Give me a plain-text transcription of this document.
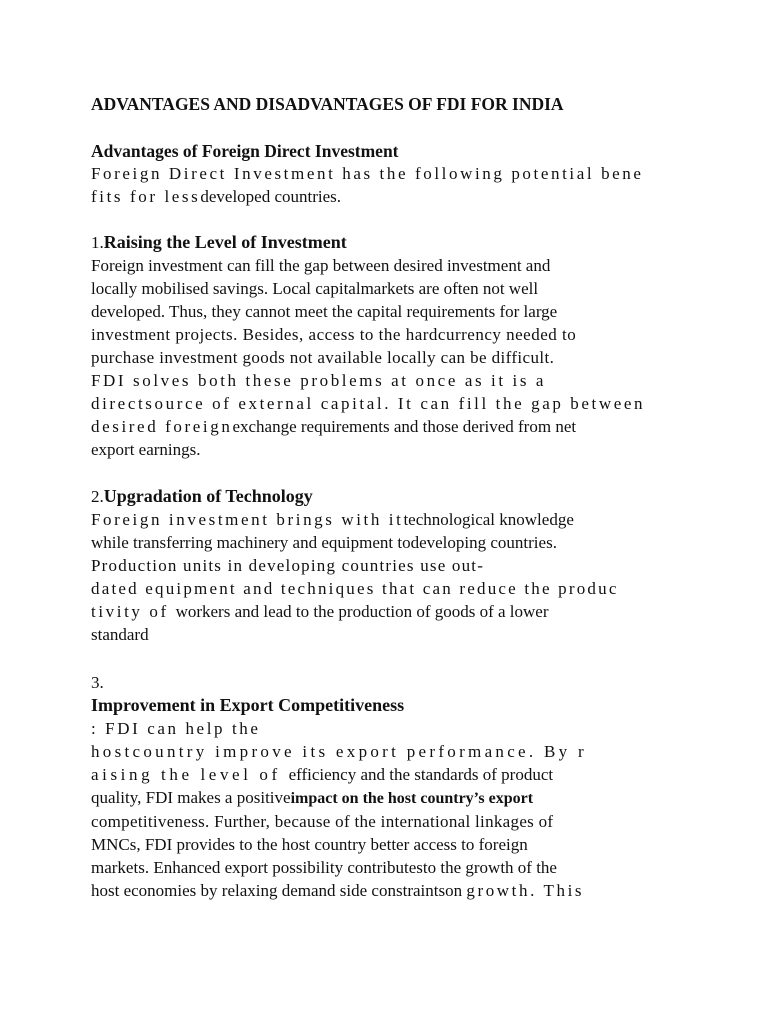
ADVANTAGES AND DISADVANTAGES OF FDI FOR INDIA
Advantages of Foreign Direct Investment

Foreign Direct Investment has the following potential bene

fits for lessdeveloped countries.

1.Raising the Level of Investment

Foreign investment can fill the gap between desired investment and

locally mobilised savings. Local capitalmarkets are often not well

developed. Thus, they cannot meet the capital requirements for large

investment projects. Besides, access to the hardcurrency needed to

purchase investment goods not available locally can be difficult.

FDI solves both these problems at once as it is a

directsource of external capital. It can fill the gap between

desired foreignexchange requirements and those derived from net

export earnings.

2.Upgradation of Technology

Foreign investment brings with ittechnological knowledge

while transferring machinery and equipment todeveloping countries.

Production units in developing countries use out-

dated equipment and techniques that can reduce the produc

tivity of workers and lead to the production of goods of a lower

standard

3.

Improvement in Export Competitiveness

: FDI can help the

hostcountry improve its export performance. By r

aising the level of efficiency and the standards of product

quality, FDI makes a positiveimpact on the host country’s export

competitiveness. Further, because of the international linkages of

MNCs, FDI provides to the host country better access to foreign

markets. Enhanced export possibility contributesto the growth of the

host economies by relaxing demand side constraintson growth. This
